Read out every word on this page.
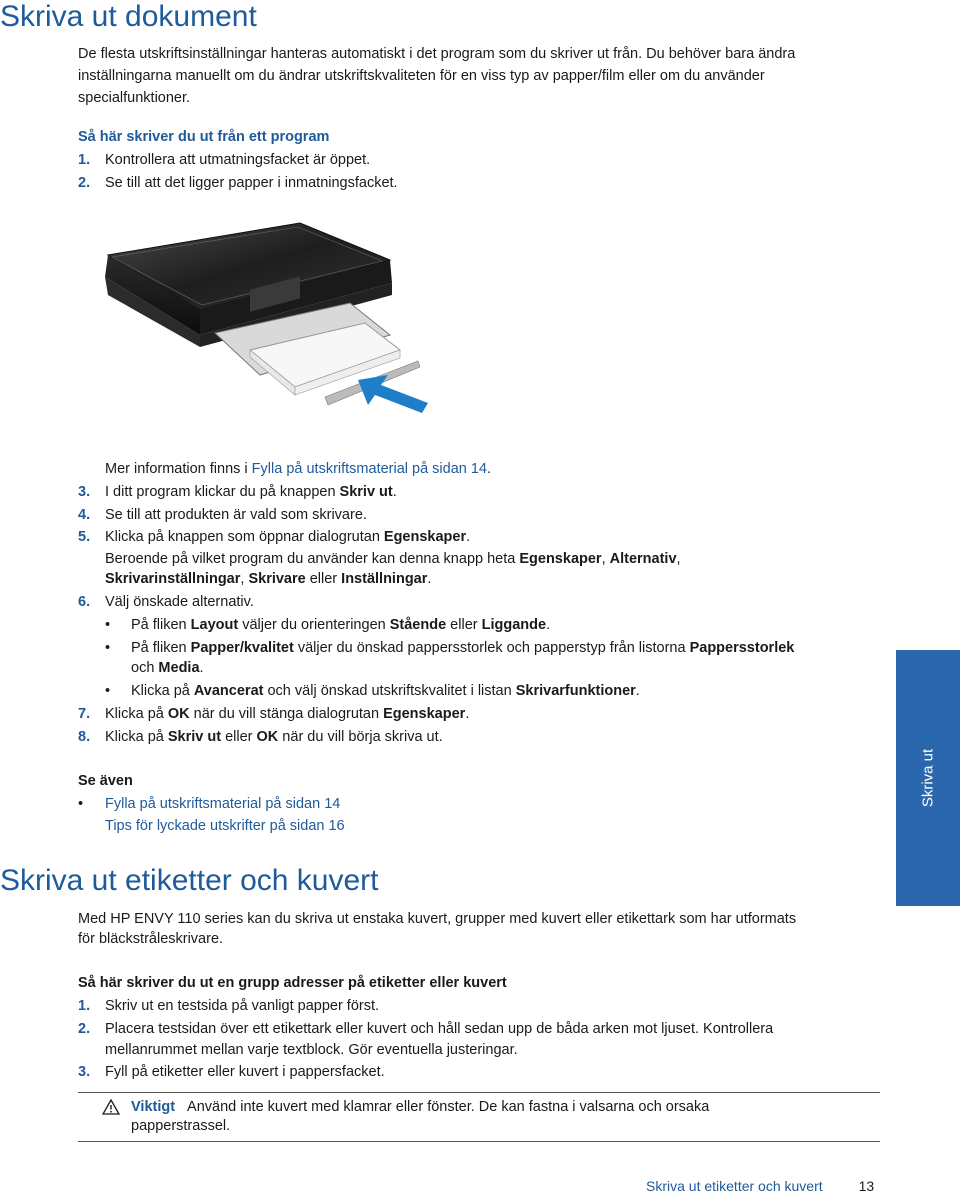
Skriva ut dokument
De flesta utskriftsinställningar hanteras automatiskt i det program som du skriver ut från. Du behöver bara ändra
inställningarna manuellt om du ändrar utskriftskvaliteten för en viss typ av papper/film eller om du använder
specialfunktioner.
Så här skriver du ut från ett program
1. Kontrollera att utmatningsfacket är öppet.
2. Se till att det ligger papper i inmatningsfacket.
Mer information finns i Fylla på utskriftsmaterial på sidan 14.
3. I ditt program klickar du på knappen Skriv ut.
4. Se till att produkten är vald som skrivare.
5. Klicka på knappen som öppnar dialogrutan Egenskaper.
Beroende på vilket program du använder kan denna knapp heta Egenskaper, Alternativ,
Skrivarinställningar, Skrivare eller Inställningar.
6. Välj önskade alternativ.
• På fliken Layout väljer du orienteringen Stående eller Liggande.
• På fliken Papper/kvalitet väljer du önskad pappersstorlek och papperstyp från listorna Pappersstorlek
och Media.
• Klicka på Avancerat och välj önskad utskriftskvalitet i listan Skrivarfunktioner.
7. Klicka på OK när du vill stänga dialogrutan Egenskaper.
8. Klicka på Skriv ut eller OK när du vill börja skriva ut.
Se även
• Fylla på utskriftsmaterial på sidan 14
Tips för lyckade utskrifter på sidan 16
Skriva ut
Skriva ut etiketter och kuvert
Med HP ENVY 110 series kan du skriva ut enstaka kuvert, grupper med kuvert eller etikettark som har utformats
för bläckstråleskrivare.
Så här skriver du ut en grupp adresser på etiketter eller kuvert
1. Skriv ut en testsida på vanligt papper först.
2. Placera testsidan över ett etikettark eller kuvert och håll sedan upp de båda arken mot ljuset. Kontrollera
mellanrummet mellan varje textblock. Gör eventuella justeringar.
3. Fyll på etiketter eller kuvert i pappersfacket.
Viktigt Använd inte kuvert med klamrar eller fönster. De kan fastna i valsarna och orsaka
papperstrassel.
Skriva ut etiketter och kuvert	13
